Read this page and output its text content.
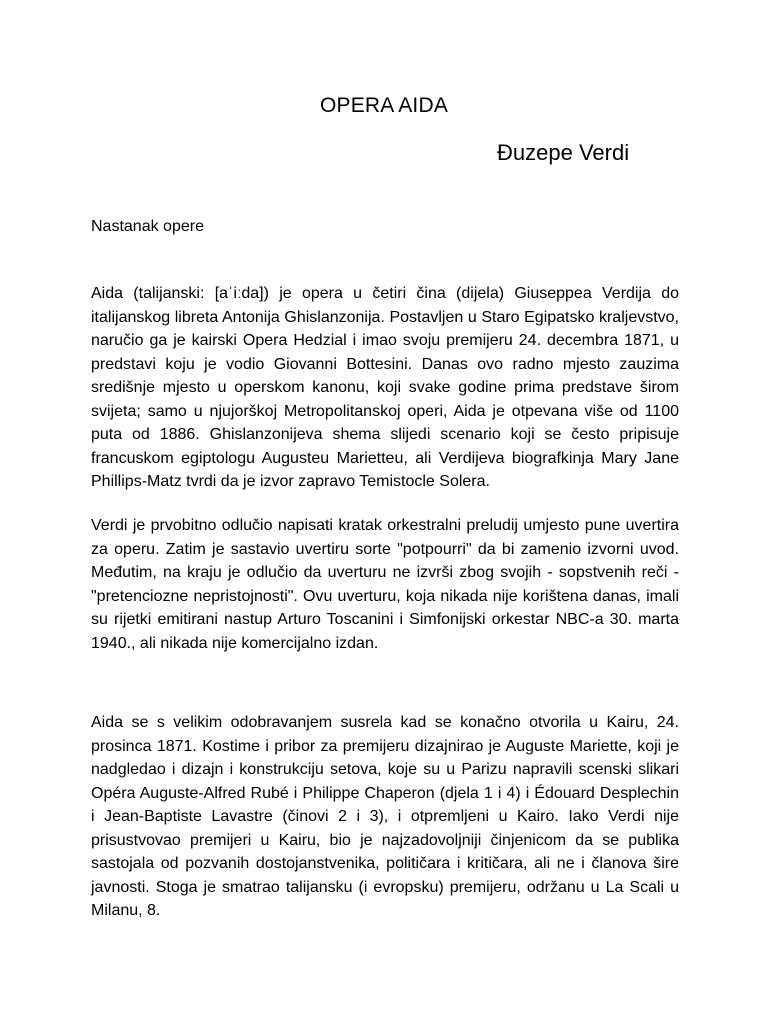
OPERA AIDA
Đuzepe Verdi
Nastanak opere

Aida (talijanski: [aˈiːda]) je opera u četiri čina (dijela) Giuseppea Verdija do italijanskog libreta Antonija Ghislanzonija. Postavljen u Staro Egipatsko kraljevstvo, naručio ga je kairski Opera Hedzial i imao svoju premijeru 24. decembra 1871, u predstavi koju je vodio Giovanni Bottesini. Danas ovo radno mjesto zauzima središnje mjesto u operskom kanonu, koji svake godine prima predstave širom svijeta; samo u njujorškoj Metropolitanskoj operi, Aida je otpevana više od 1100 puta od 1886. Ghislanzonijeva shema slijedi scenario koji se često pripisuje francuskom egiptologu Augusteu Marietteu, ali Verdijeva biografkinja Mary Jane Phillips-Matz tvrdi da je izvor zapravo Temistocle Solera.

Verdi je prvobitno odlučio napisati kratak orkestralni preludij umjesto pune uvertira za operu. Zatim je sastavio uvertiru sorte "potpourri" da bi zamenio izvorni uvod. Međutim, na kraju je odlučio da uverturu ne izvrši zbog svojih - sopstvenih reči - "pretenciozne nepristojnosti". Ovu uverturu, koja nikada nije korištena danas, imali su rijetki emitirani nastup Arturo Toscanini i Simfonijski orkestar NBC-a 30. marta 1940., ali nikada nije komercijalno izdan.

Aida se s velikim odobravanjem susrela kad se konačno otvorila u Kairu, 24. prosinca 1871. Kostime i pribor za premijeru dizajnirao je Auguste Mariette, koji je nadgledao i dizajn i konstrukciju setova, koje su u Parizu napravili scenski slikari Opéra Auguste-Alfred Rubé i Philippe Chaperon (djela 1 i 4) i Édouard Desplechin i Jean-Baptiste Lavastre (činovi 2 i 3), i otpremljeni u Kairo. Iako Verdi nije prisustvovao premijeri u Kairu, bio je najzadovoljniji činjenicom da se publika sastojala od pozvanih dostojanstvenika, političara i kritičara, ali ne i članova šire javnosti. Stoga je smatrao talijansku (i evropsku) premijeru, održanu u La Scali u Milanu, 8.
